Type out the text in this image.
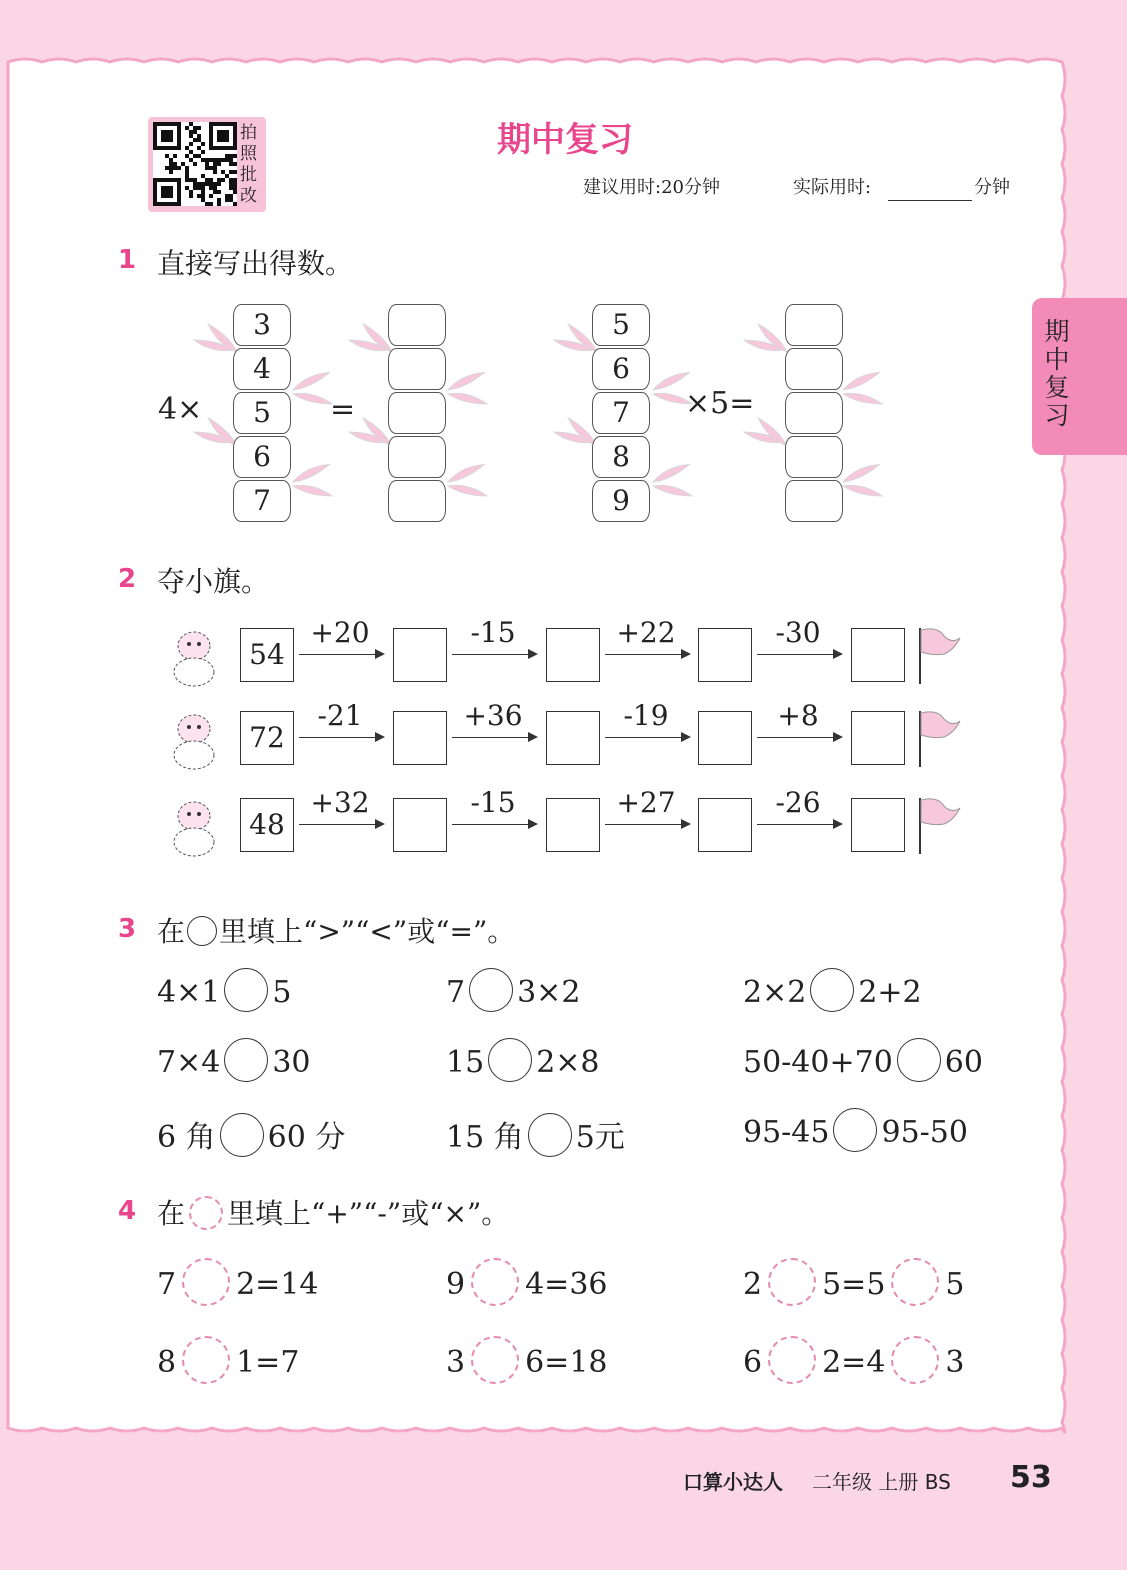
拍照批改
期中复习
建议用时:20分钟	实际用时:	分钟
期中复习
1 直接写出得数。
4×	=	×5=
2 夺小旗。
3 在 里填上“>”“<”或“=”。
4 在 里填上“+”“-”或“×”。
口算小达人 二年级 上册 BS 53
3
4
5
6
7
5
6
7
8
9
54
+20	-15	+22	-30
72
-21	+36	-19	+8
48
+32	-15	+27	-26
4×1 5	7 3×2	2×2 2+2
7×4 30	15 2×8	50-40+70 60
6 角 60 分	15 角 5元	95-45 95-50
7 2=14	9 4=36	2 5=5 5
8 1=7	3 6=18	6 2=4 3
